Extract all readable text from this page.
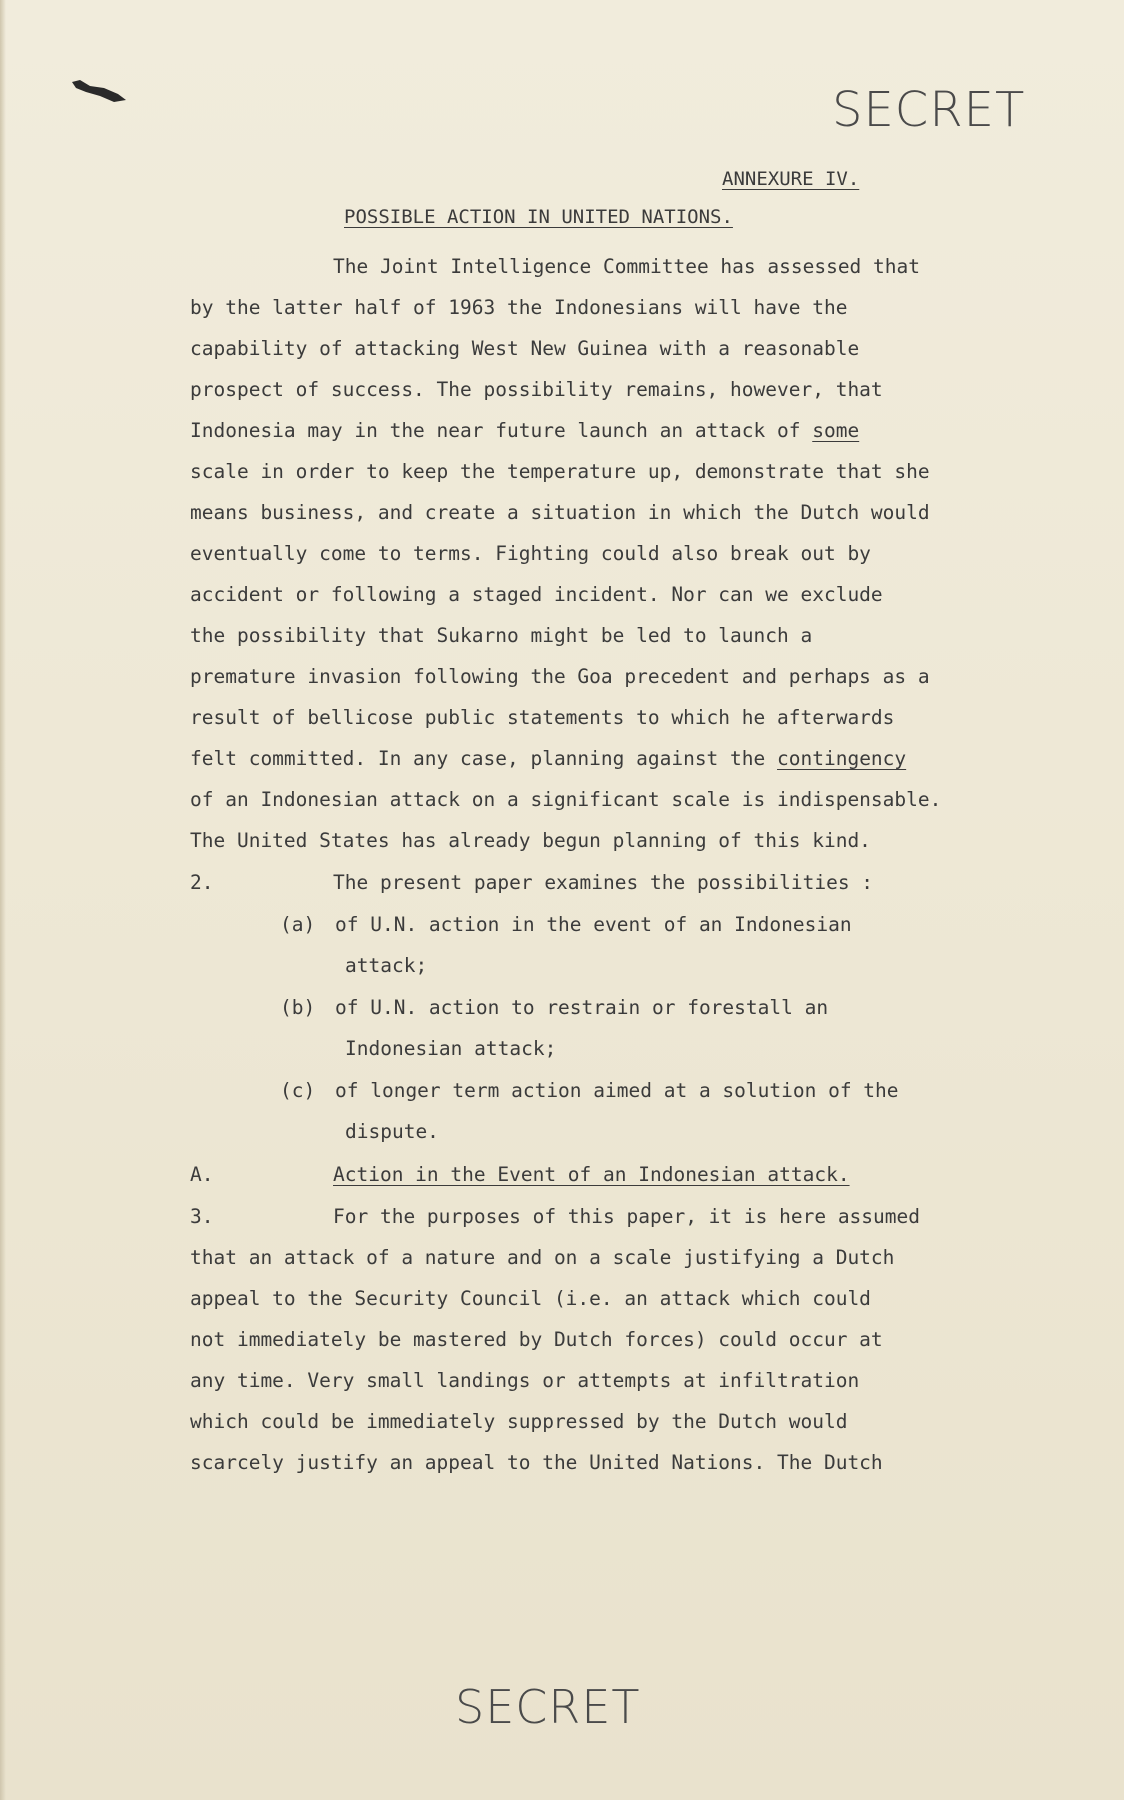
SECRET
ANNEXURE IV.
POSSIBLE ACTION IN UNITED NATIONS.
The Joint Intelligence Committee has assessed that
by the latter half of 1963 the Indonesians will have the
capability of attacking West New Guinea with a reasonable
prospect of success. The possibility remains, however, that
Indonesia may in the near future launch an attack of some
scale in order to keep the temperature up, demonstrate that she
means business, and create a situation in which the Dutch would
eventually come to terms. Fighting could also break out by
accident or following a staged incident. Nor can we exclude
the possibility that Sukarno might be led to launch a
premature invasion following the Goa precedent and perhaps as a
result of bellicose public statements to which he afterwards
felt committed. In any case, planning against the contingency
of an Indonesian attack on a significant scale is indispensable.
The United States has already begun planning of this kind.
2.	The present paper examines the possibilities :
(a) of U.N. action in the event of an Indonesian
attack;
(b) of U.N. action to restrain or forestall an
Indonesian attack;
(c) of longer term action aimed at a solution of the
dispute.
A.	Action in the Event of an Indonesian attack.
3.	For the purposes of this paper, it is here assumed
that an attack of a nature and on a scale justifying a Dutch
appeal to the Security Council (i.e. an attack which could
not immediately be mastered by Dutch forces) could occur at
any time. Very small landings or attempts at infiltration
which could be immediately suppressed by the Dutch would
scarcely justify an appeal to the United Nations. The Dutch
SECRET
